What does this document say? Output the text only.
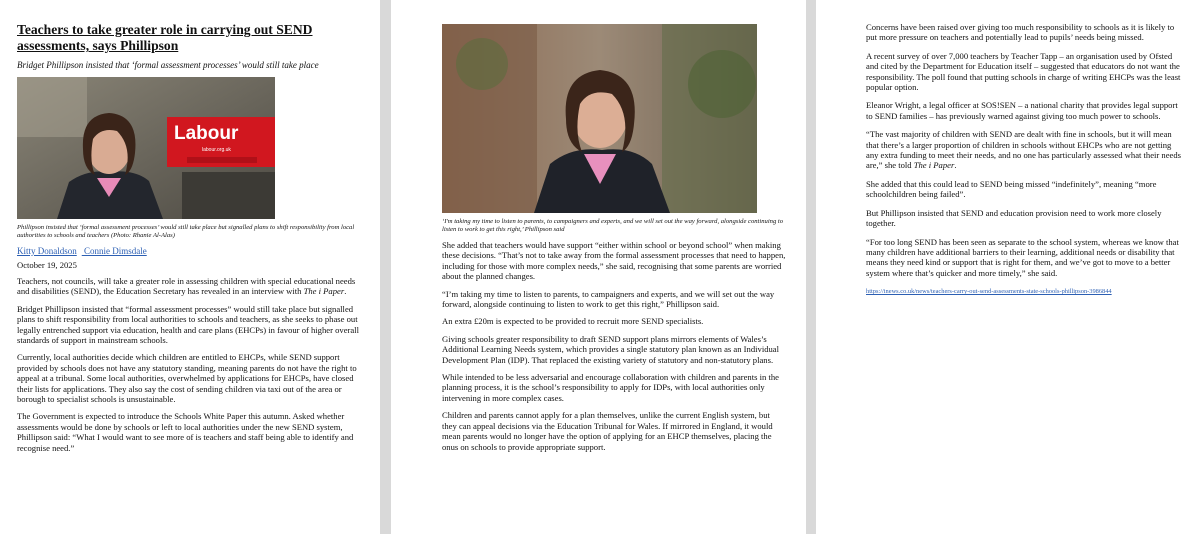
Teachers to take greater role in carrying out SEND assessments, says Phillipson
Bridget Phillipson insisted that ‘formal assessment processes’ would still take place
Labour
labour.org.uk
Phillipson insisted that ‘formal assessment processes’ would still take place but signalled plans to shift responsibility from local authorities to schools and teachers (Photo: Rhanie Al-Alas)
Kitty Donaldson Connie Dimsdale
October 19, 2025

Teachers, not councils, will take a greater role in assessing children with special educational needs and disabilities (SEND), the Education Secretary has revealed in an interview with The i Paper.

Bridget Phillipson insisted that “formal assessment processes” would still take place but signalled plans to shift responsibility from local authorities to schools and teachers, as she seeks to phase out legally entrenched support via education, health and care plans (EHCPs) in favour of higher overall standards of support in mainstream schools.

Currently, local authorities decide which children are entitled to EHCPs, while SEND support provided by schools does not have any statutory standing, meaning parents do not have the right to appeal at a tribunal. Some local authorities, overwhelmed by applications for EHCPs, have closed their lists for applications. They also say the cost of sending children via taxi out of the area or borough to specialist schools is unsustainable.

The Government is expected to introduce the Schools White Paper this autumn. Asked whether assessments would be done by schools or left to local authorities under the new SEND system, Phillipson said: “What I would want to see more of is teachers and staff being able to identify and recognise need.”

‘I'm taking my time to listen to parents, to campaigners and experts, and we will set out the way forward, alongside continuing to listen to work to get this right,’ Phillipson said

She added that teachers would have support “either within school or beyond school” when making these decisions. “That’s not to take away from the formal assessment processes that need to happen, including for those with more complex needs,” she said, recognising that some parents are worried about the planned changes.

“I’m taking my time to listen to parents, to campaigners and experts, and we will set out the way forward, alongside continuing to listen to work to get this right,” Phillipson said.

An extra £20m is expected to be provided to recruit more SEND specialists.

Giving schools greater responsibility to draft SEND support plans mirrors elements of Wales’s Additional Learning Needs system, which provides a single statutory plan known as an Individual Development Plan (IDP). That replaced the existing variety of statutory and non-statutory plans.

While intended to be less adversarial and encourage collaboration with children and parents in the planning process, it is the school’s responsibility to apply for IDPs, with local authorities only intervening in more complex cases.

Children and parents cannot apply for a plan themselves, unlike the current English system, but they can appeal decisions via the Education Tribunal for Wales. If mirrored in England, it would mean parents would no longer have the option of applying for an EHCP themselves, placing the onus on schools to provide appropriate support.

Concerns have been raised over giving too much responsibility to schools as it is likely to put more pressure on teachers and potentially lead to pupils’ needs being missed.

A recent survey of over 7,000 teachers by Teacher Tapp – an organisation used by Ofsted and cited by the Department for Education itself – suggested that educators do not want the responsibility. The poll found that putting schools in charge of writing EHCPs was the least popular option.

Eleanor Wright, a legal officer at SOS!SEN – a national charity that provides legal support to SEND families – has previously warned against giving too much power to schools.

“The vast majority of children with SEND are dealt with fine in schools, but it will mean that there’s a larger proportion of children in schools without EHCPs who are not getting any extra funding to meet their needs, and no one has particularly assessed what their needs are,” she told The i Paper.

She added that this could lead to SEND being missed “indefinitely”, meaning “more schoolchildren being failed”.

But Phillipson insisted that SEND and education provision need to work more closely together.

“For too long SEND has been seen as separate to the school system, whereas we know that many children have additional barriers to their learning, additional needs or disability that means they need kind or support that is right for them, and we’ve got to move to a better system where that’s quicker and more timely,” she said.

https://inews.co.uk/news/teachers-carry-out-send-assessments-state-schools-phillipson-3986844
